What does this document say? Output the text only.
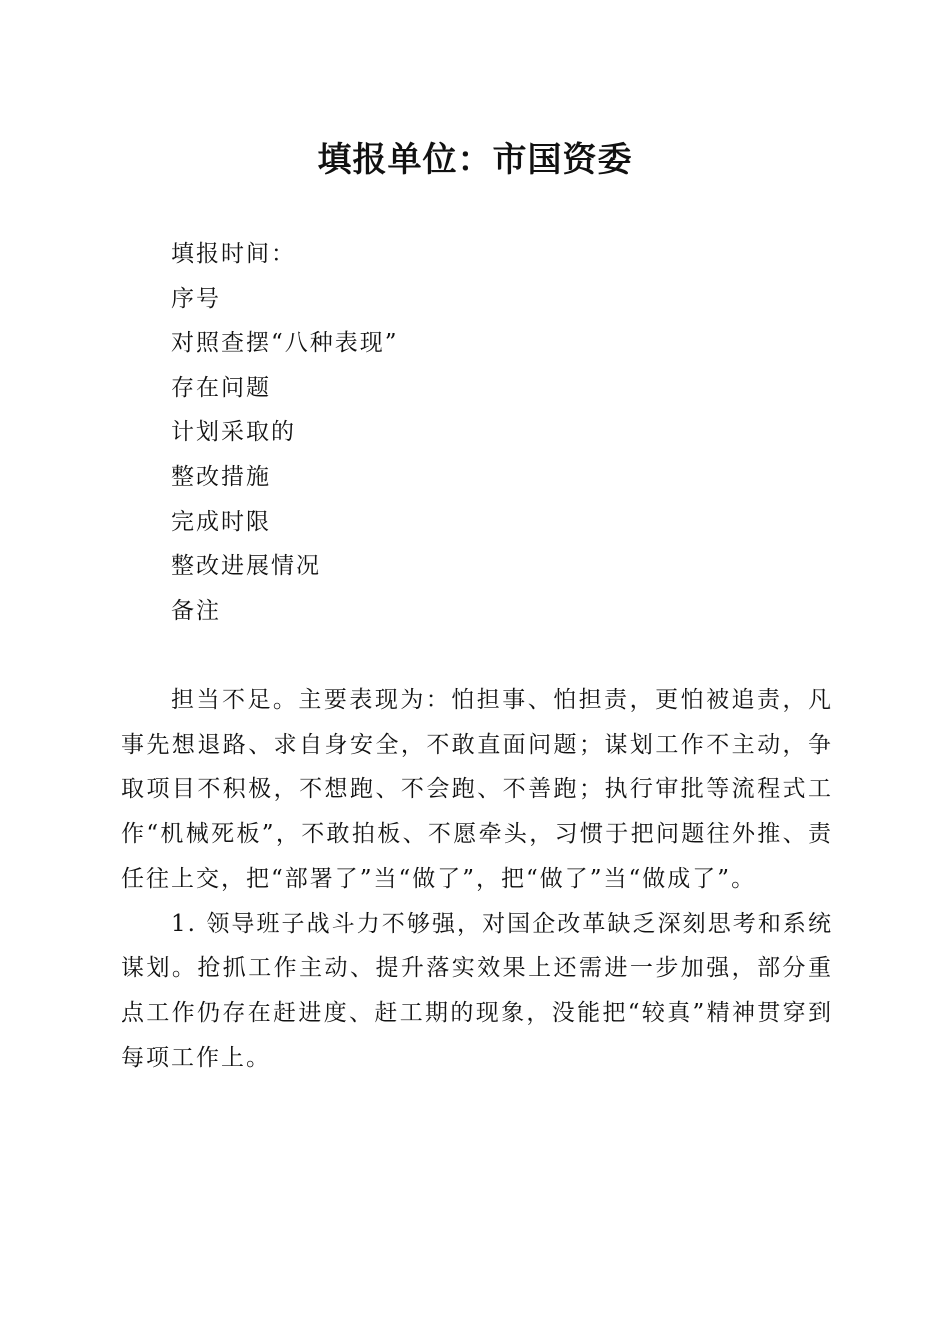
填报单位：市国资委
填报时间：
序号
对照查摆“八种表现”
存在问题
计划采取的
整改措施
完成时限
整改进展情况
备注

担当不足。主要表现为：怕担事、怕担责，更怕被追责，凡事先想退路、求自身安全，不敢直面问题；谋划工作不主动，争取项目不积极，不想跑、不会跑、不善跑；执行审批等流程式工作“机械死板”，不敢拍板、不愿牵头，习惯于把问题往外推、责任往上交，把“部署了”当“做了”，把“做了”当“做成了”。

1. 领导班子战斗力不够强，对国企改革缺乏深刻思考和系统谋划。抢抓工作主动、提升落实效果上还需进一步加强，部分重点工作仍存在赶进度、赶工期的现象，没能把“较真”精神贯穿到每项工作上。
